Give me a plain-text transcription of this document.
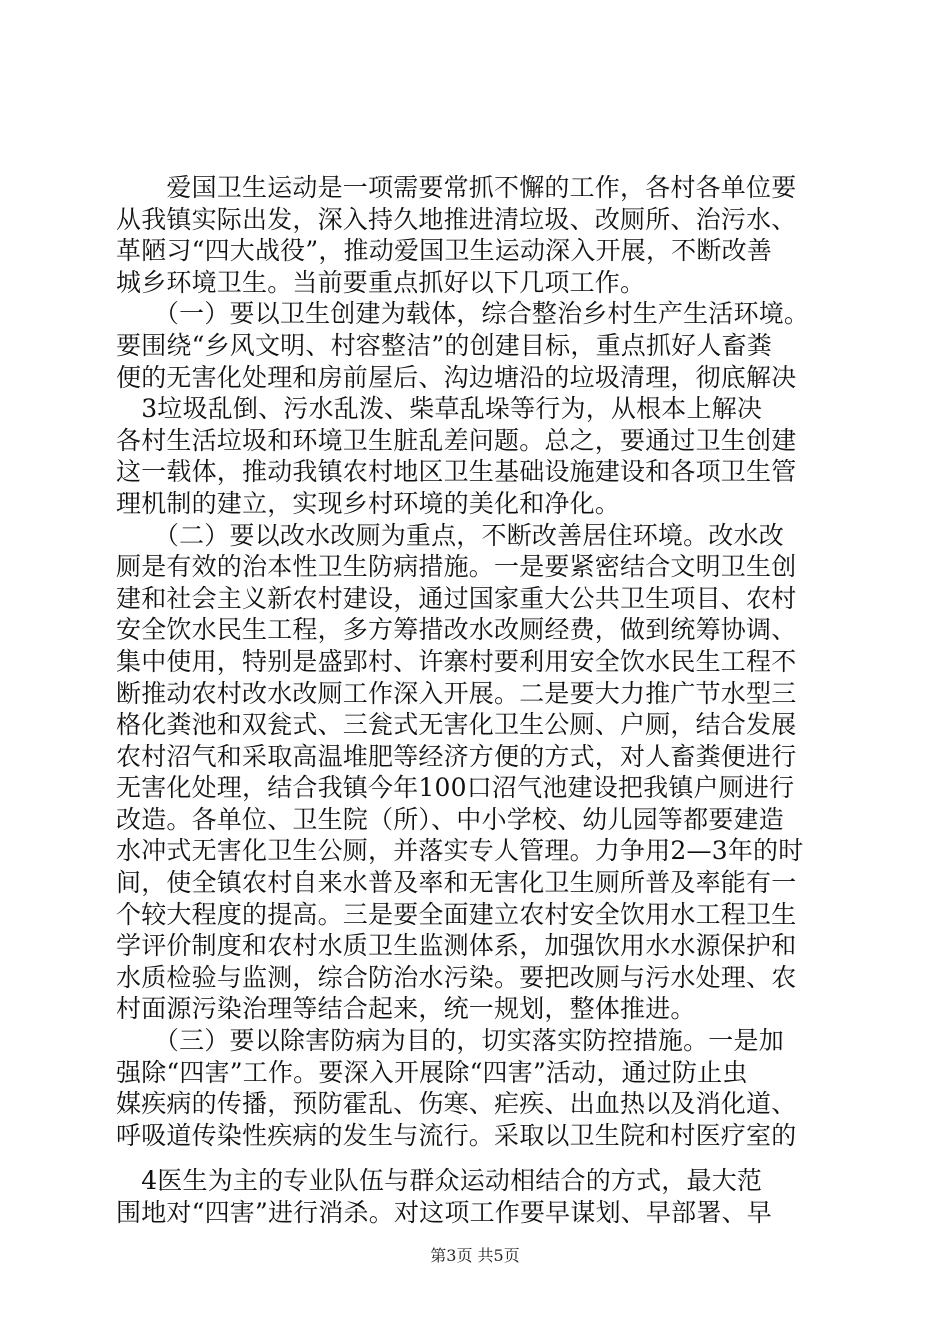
　　爱国卫生运动是一项需要常抓不懈的工作，各村各单位要
从我镇实际出发，深入持久地推进清垃圾、改厕所、治污水、
革陋习“四大战役”，推动爱国卫生运动深入开展，不断改善
城乡环境卫生。当前要重点抓好以下几项工作。
　　（一）要以卫生创建为载体，综合整治乡村生产生活环境。
要围绕“乡风文明、村容整洁”的创建目标，重点抓好人畜粪
便的无害化处理和房前屋后、沟边塘沿的垃圾清理，彻底解决
　3垃圾乱倒、污水乱泼、柴草乱垛等行为，从根本上解决
各村生活垃圾和环境卫生脏乱差问题。总之，要通过卫生创建
这一载体，推动我镇农村地区卫生基础设施建设和各项卫生管
理机制的建立，实现乡村环境的美化和净化。
　　（二）要以改水改厕为重点，不断改善居住环境。改水改
厕是有效的治本性卫生防病措施。一是要紧密结合文明卫生创
建和社会主义新农村建设，通过国家重大公共卫生项目、农村
安全饮水民生工程，多方筹措改水改厕经费，做到统筹协调、
集中使用，特别是盛郢村、许寨村要利用安全饮水民生工程不
断推动农村改水改厕工作深入开展。二是要大力推广节水型三
格化粪池和双瓮式、三瓮式无害化卫生公厕、户厕，结合发展
农村沼气和采取高温堆肥等经济方便的方式，对人畜粪便进行
无害化处理，结合我镇今年100口沼气池建设把我镇户厕进行
改造。各单位、卫生院（所）、中小学校、幼儿园等都要建造
水冲式无害化卫生公厕，并落实专人管理。力争用2—3年的时
间，使全镇农村自来水普及率和无害化卫生厕所普及率能有一
个较大程度的提高。三是要全面建立农村安全饮用水工程卫生
学评价制度和农村水质卫生监测体系，加强饮用水水源保护和
水质检验与监测，综合防治水污染。要把改厕与污水处理、农
村面源污染治理等结合起来，统一规划，整体推进。
　　（三）要以除害防病为目的，切实落实防控措施。一是加
强除“四害”工作。要深入开展除“四害”活动，通过防止虫
媒疾病的传播，预防霍乱、伤寒、疟疾、出血热以及消化道、
呼吸道传染性疾病的发生与流行。采取以卫生院和村医疗室的
　4医生为主的专业队伍与群众运动相结合的方式，最大范
围地对“四害”进行消杀。对这项工作要早谋划、早部署、早
第3页 共5页
